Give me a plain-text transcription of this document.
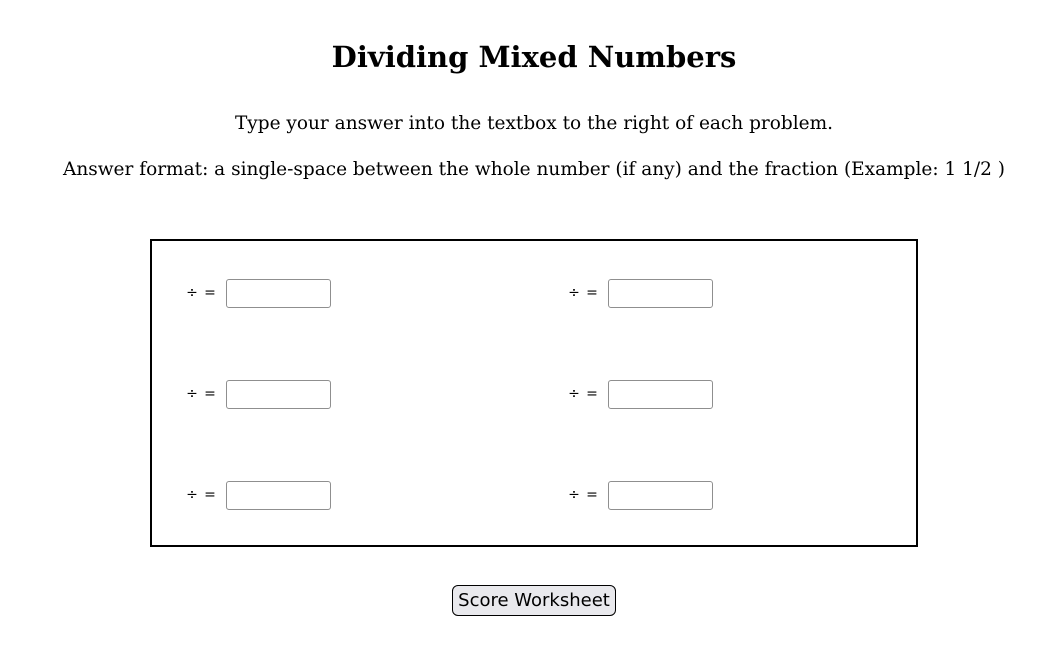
Dividing Mixed Numbers

Type your answer into the textbox to the right of each problem.

Answer format: a single-space between the whole number (if any) and the fraction (Example: 1 1/2 )

÷ =	÷ =
÷ =	÷ =
÷ =	÷ =
Score Worksheet
